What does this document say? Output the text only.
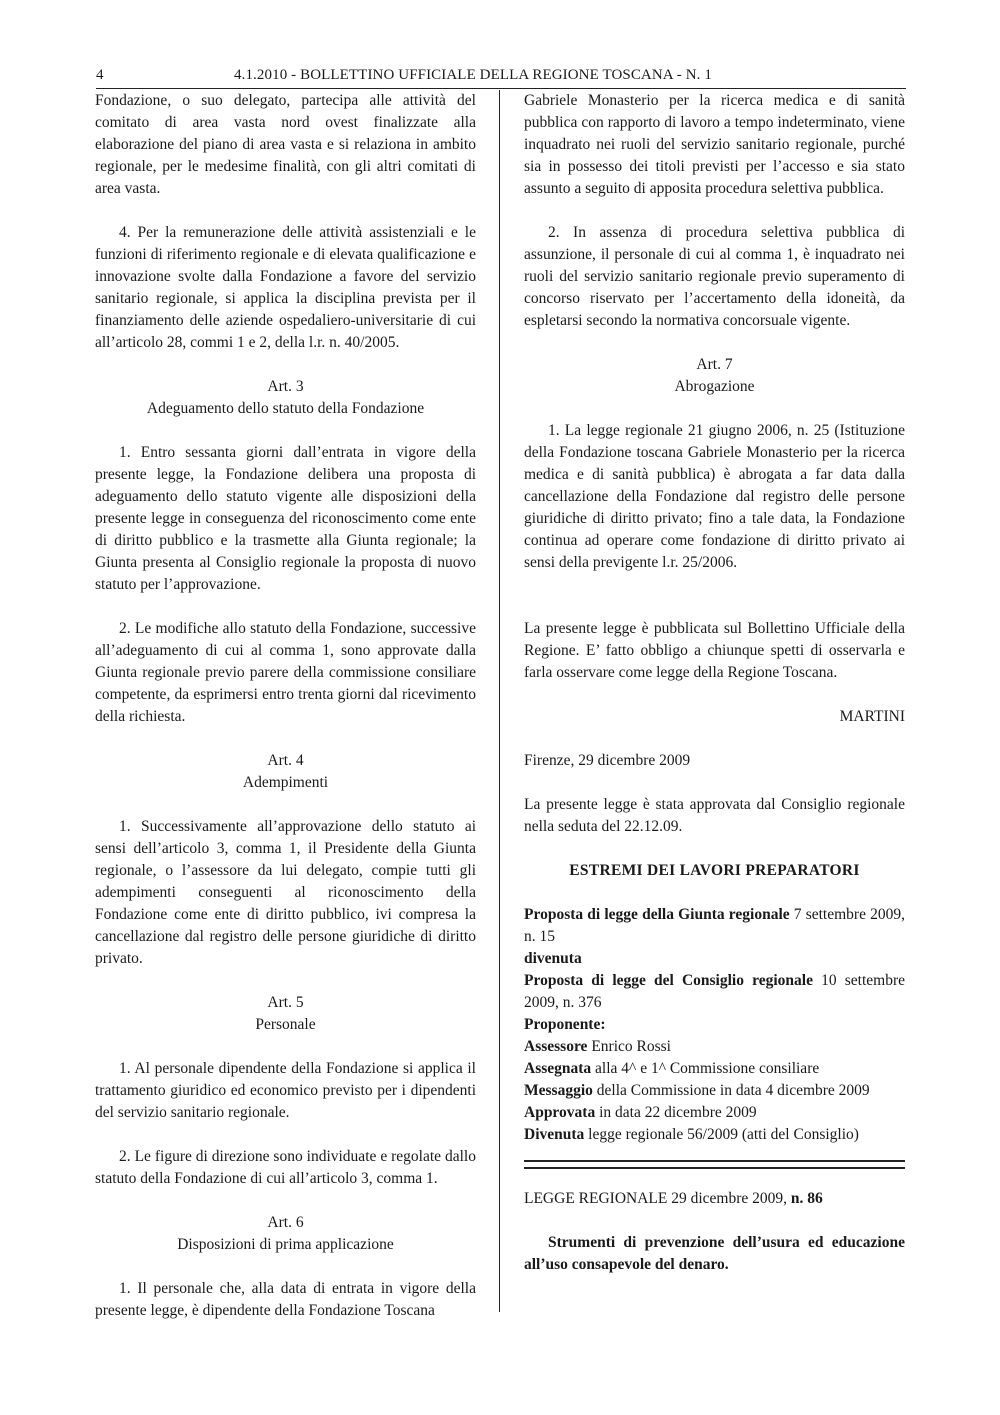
4	4.1.2010 - BOLLETTINO UFFICIALE DELLA REGIONE TOSCANA - N. 1

Fondazione, o suo delegato, partecipa alle attività del comitato di area vasta nord ovest finalizzate alla elaborazione del piano di area vasta e si relaziona in ambito regionale, per le medesime finalità, con gli altri comitati di area vasta.

4. Per la remunerazione delle attività assistenziali e le funzioni di riferimento regionale e di elevata qualificazione e innovazione svolte dalla Fondazione a favore del servizio sanitario regionale, si applica la disciplina prevista per il finanziamento delle aziende ospedaliero-universitarie di cui all’articolo 28, commi 1 e 2, della l.r. n. 40/2005.

Art. 3

Adeguamento dello statuto della Fondazione

1. Entro sessanta giorni dall’entrata in vigore della presente legge, la Fondazione delibera una proposta di adeguamento dello statuto vigente alle disposizioni della presente legge in conseguenza del riconoscimento come ente di diritto pubblico e la trasmette alla Giunta regionale; la Giunta presenta al Consiglio regionale la proposta di nuovo statuto per l’approvazione.

2. Le modifiche allo statuto della Fondazione, successive all’adeguamento di cui al comma 1, sono approvate dalla Giunta regionale previo parere della commissione consiliare competente, da esprimersi entro trenta giorni dal ricevimento della richiesta.

Art. 4

Adempimenti

1. Successivamente all’approvazione dello statuto ai sensi dell’articolo 3, comma 1, il Presidente della Giunta regionale, o l’assessore da lui delegato, compie tutti gli adempimenti conseguenti al riconoscimento della Fondazione come ente di diritto pubblico, ivi compresa la cancellazione dal registro delle persone giuridiche di diritto privato.

Art. 5

Personale

1. Al personale dipendente della Fondazione si applica il trattamento giuridico ed economico previsto per i dipendenti del servizio sanitario regionale.

2. Le figure di direzione sono individuate e regolate dallo statuto della Fondazione di cui all’articolo 3, comma 1.

Art. 6

Disposizioni di prima applicazione

1. Il personale che, alla data di entrata in vigore della presente legge, è dipendente della Fondazione Toscana

Gabriele Monasterio per la ricerca medica e di sanità pubblica con rapporto di lavoro a tempo indeterminato, viene inquadrato nei ruoli del servizio sanitario regionale, purché sia in possesso dei titoli previsti per l’accesso e sia stato assunto a seguito di apposita procedura selettiva pubblica.

2. In assenza di procedura selettiva pubblica di assunzione, il personale di cui al comma 1, è inquadrato nei ruoli del servizio sanitario regionale previo superamento di concorso riservato per l’accertamento della idoneità, da espletarsi secondo la normativa concorsuale vigente.

Art. 7

Abrogazione

1. La legge regionale 21 giugno 2006, n. 25 (Istituzione della Fondazione toscana Gabriele Monasterio per la ricerca medica e di sanità pubblica) è abrogata a far data dalla cancellazione della Fondazione dal registro delle persone giuridiche di diritto privato; fino a tale data, la Fondazione continua ad operare come fondazione di diritto privato ai sensi della previgente l.r. 25/2006.

La presente legge è pubblicata sul Bollettino Ufficiale della Regione. E’ fatto obbligo a chiunque spetti di osservarla e farla osservare come legge della Regione Toscana.

MARTINI

Firenze, 29 dicembre 2009

La presente legge è stata approvata dal Consiglio regionale nella seduta del 22.12.09.

ESTREMI DEI LAVORI PREPARATORI

Proposta di legge della Giunta regionale 7 settembre 2009, n. 15

divenuta

Proposta di legge del Consiglio regionale 10 settembre 2009, n. 376

Proponente:

Assessore Enrico Rossi

Assegnata alla 4^ e 1^ Commissione consiliare

Messaggio della Commissione in data 4 dicembre 2009

Approvata in data 22 dicembre 2009

Divenuta legge regionale 56/2009 (atti del Consiglio)

LEGGE REGIONALE 29 dicembre 2009, n. 86

Strumenti di prevenzione dell’usura ed educazione all’uso consapevole del denaro.
